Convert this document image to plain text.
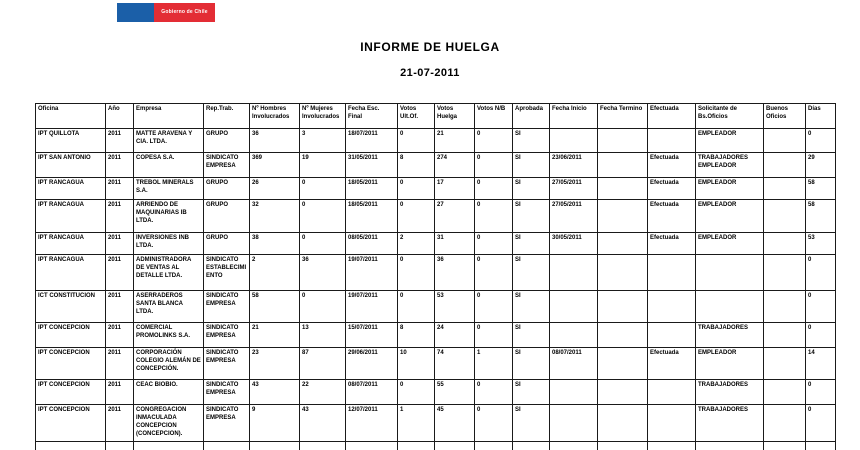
Gobierno de Chile
INFORME DE HUELGA
21-07-2011
Oficina	Año	Empresa	Rep.Trab.	Nº Hombres Involucrados	Nº Mujeres Involucrados	Fecha Esc. Final	Votos Ult.Of.	Votos Huelga	Votos N/B	Aprobada	Fecha Inicio	Fecha Termino	Efectuada	Solicitante de Bs.Oficios	Buenos Oficios	Días
IPT QUILLOTA	2011	MATTE ARAVENA Y CIA. LTDA.	GRUPO	36	3	18/07/2011	0	21	0	SI				EMPLEADOR		0
IPT SAN ANTONIO	2011	COPESA S.A.	SINDICATO EMPRESA	369	19	31/05/2011	8	274	0	SI	23/06/2011		Efectuada	TRABAJADORES EMPLEADOR		29
IPT RANCAGUA	2011	TREBOL MINERALS S.A.	GRUPO	26	0	18/05/2011	0	17	0	SI	27/05/2011		Efectuada	EMPLEADOR		58
IPT RANCAGUA	2011	ARRIENDO DE MAQUINARIAS IB LTDA.	GRUPO	32	0	18/05/2011	0	27	0	SI	27/05/2011		Efectuada	EMPLEADOR		58
IPT RANCAGUA	2011	INVERSIONES INB LTDA.	GRUPO	38	0	08/05/2011	2	31	0	SI	30/05/2011		Efectuada	EMPLEADOR		53
IPT RANCAGUA	2011	ADMINISTRADORA DE VENTAS AL DETALLE LTDA.	SINDICATO ESTABLECIMIENTO	2	36	19/07/2011	0	36	0	SI						0
ICT CONSTITUCION	2011	ASERRADEROS SANTA BLANCA LTDA.	SINDICATO EMPRESA	58	0	19/07/2011	0	53	0	SI						0
IPT CONCEPCION	2011	COMERCIAL PROMOLINKS S.A.	SINDICATO EMPRESA	21	13	15/07/2011	8	24	0	SI				TRABAJADORES		0
IPT CONCEPCION	2011	CORPORACIÓN COLEGIO ALEMÁN DE CONCEPCIÓN.	SINDICATO EMPRESA	23	87	29/06/2011	10	74	1	SI	08/07/2011		Efectuada	EMPLEADOR		14
IPT CONCEPCION	2011	CEAC BIOBIO.	SINDICATO EMPRESA	43	22	08/07/2011	0	55	0	SI				TRABAJADORES		0
IPT CONCEPCION	2011	CONGREGACION INMACULADA CONCEPCION (CONCEPCION).	SINDICATO EMPRESA	9	43	12/07/2011	1	45	0	SI				TRABAJADORES		0
